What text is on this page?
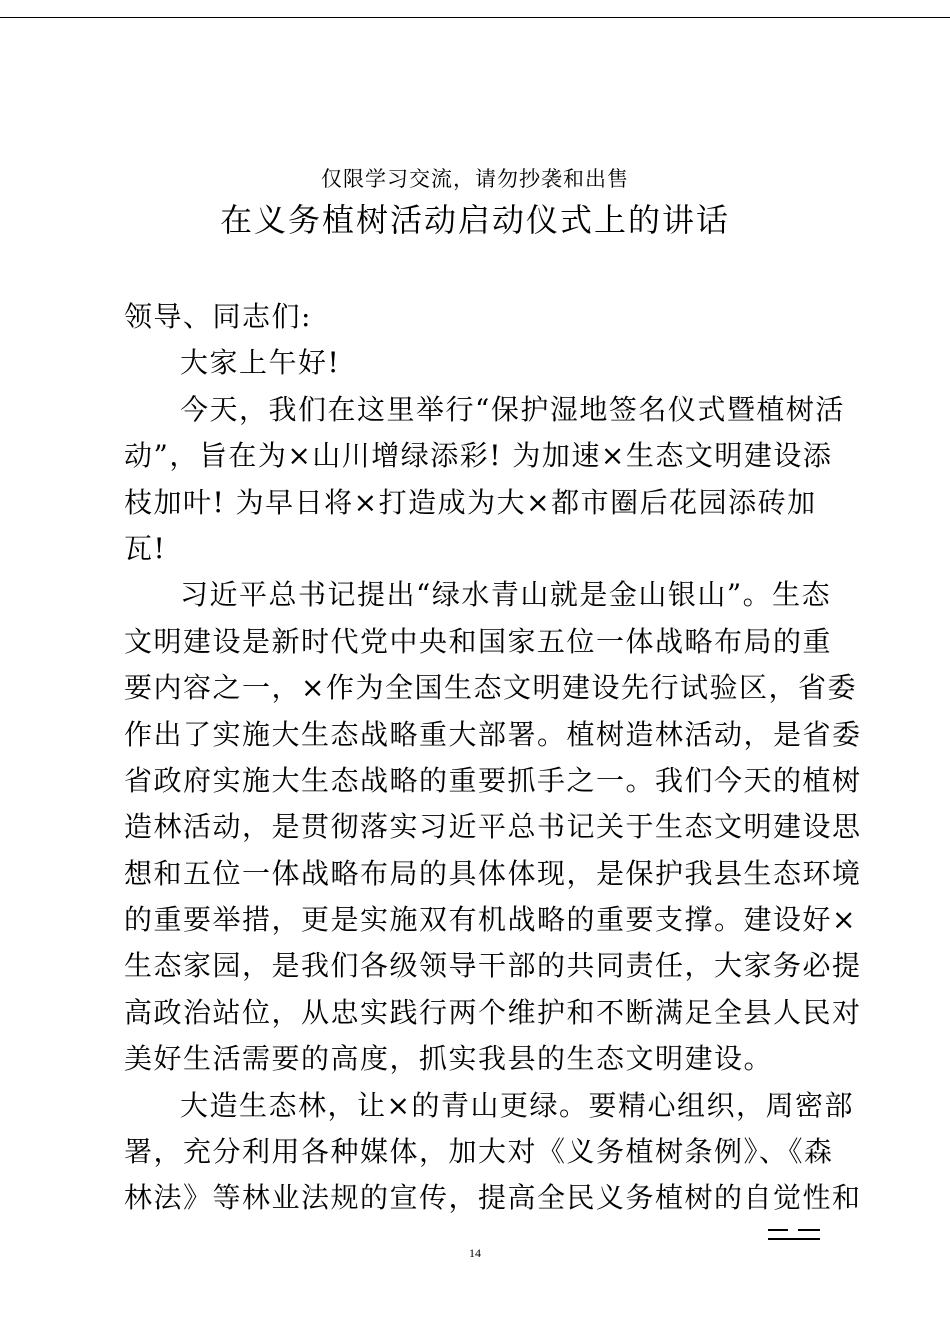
仅限学习交流，请勿抄袭和出售
在义务植树活动启动仪式上的讲话
领导、同志们:
大家上午好!
今天，我们在这里举行“保护湿地签名仪式暨植树活
动”，旨在为×山川增绿添彩! 为加速×生态文明建设添
枝加叶! 为早日将×打造成为大×都市圈后花园添砖加
瓦!
习近平总书记提出“绿水青山就是金山银山”。生态
文明建设是新时代党中央和国家五位一体战略布局的重
要内容之一，×作为全国生态文明建设先行试验区，省委
作出了实施大生态战略重大部署。植树造林活动，是省委
省政府实施大生态战略的重要抓手之一。我们今天的植树
造林活动，是贯彻落实习近平总书记关于生态文明建设思
想和五位一体战略布局的具体体现，是保护我县生态环境
的重要举措，更是实施双有机战略的重要支撑。建设好×
生态家园，是我们各级领导干部的共同责任，大家务必提
高政治站位，从忠实践行两个维护和不断满足全县人民对
美好生活需要的高度，抓实我县的生态文明建设。
大造生态林，让×的青山更绿。要精心组织，周密部
署，充分利用各种媒体，加大对《义务植树条例》、《森
林法》等林业法规的宣传，提高全民义务植树的自觉性和
14
